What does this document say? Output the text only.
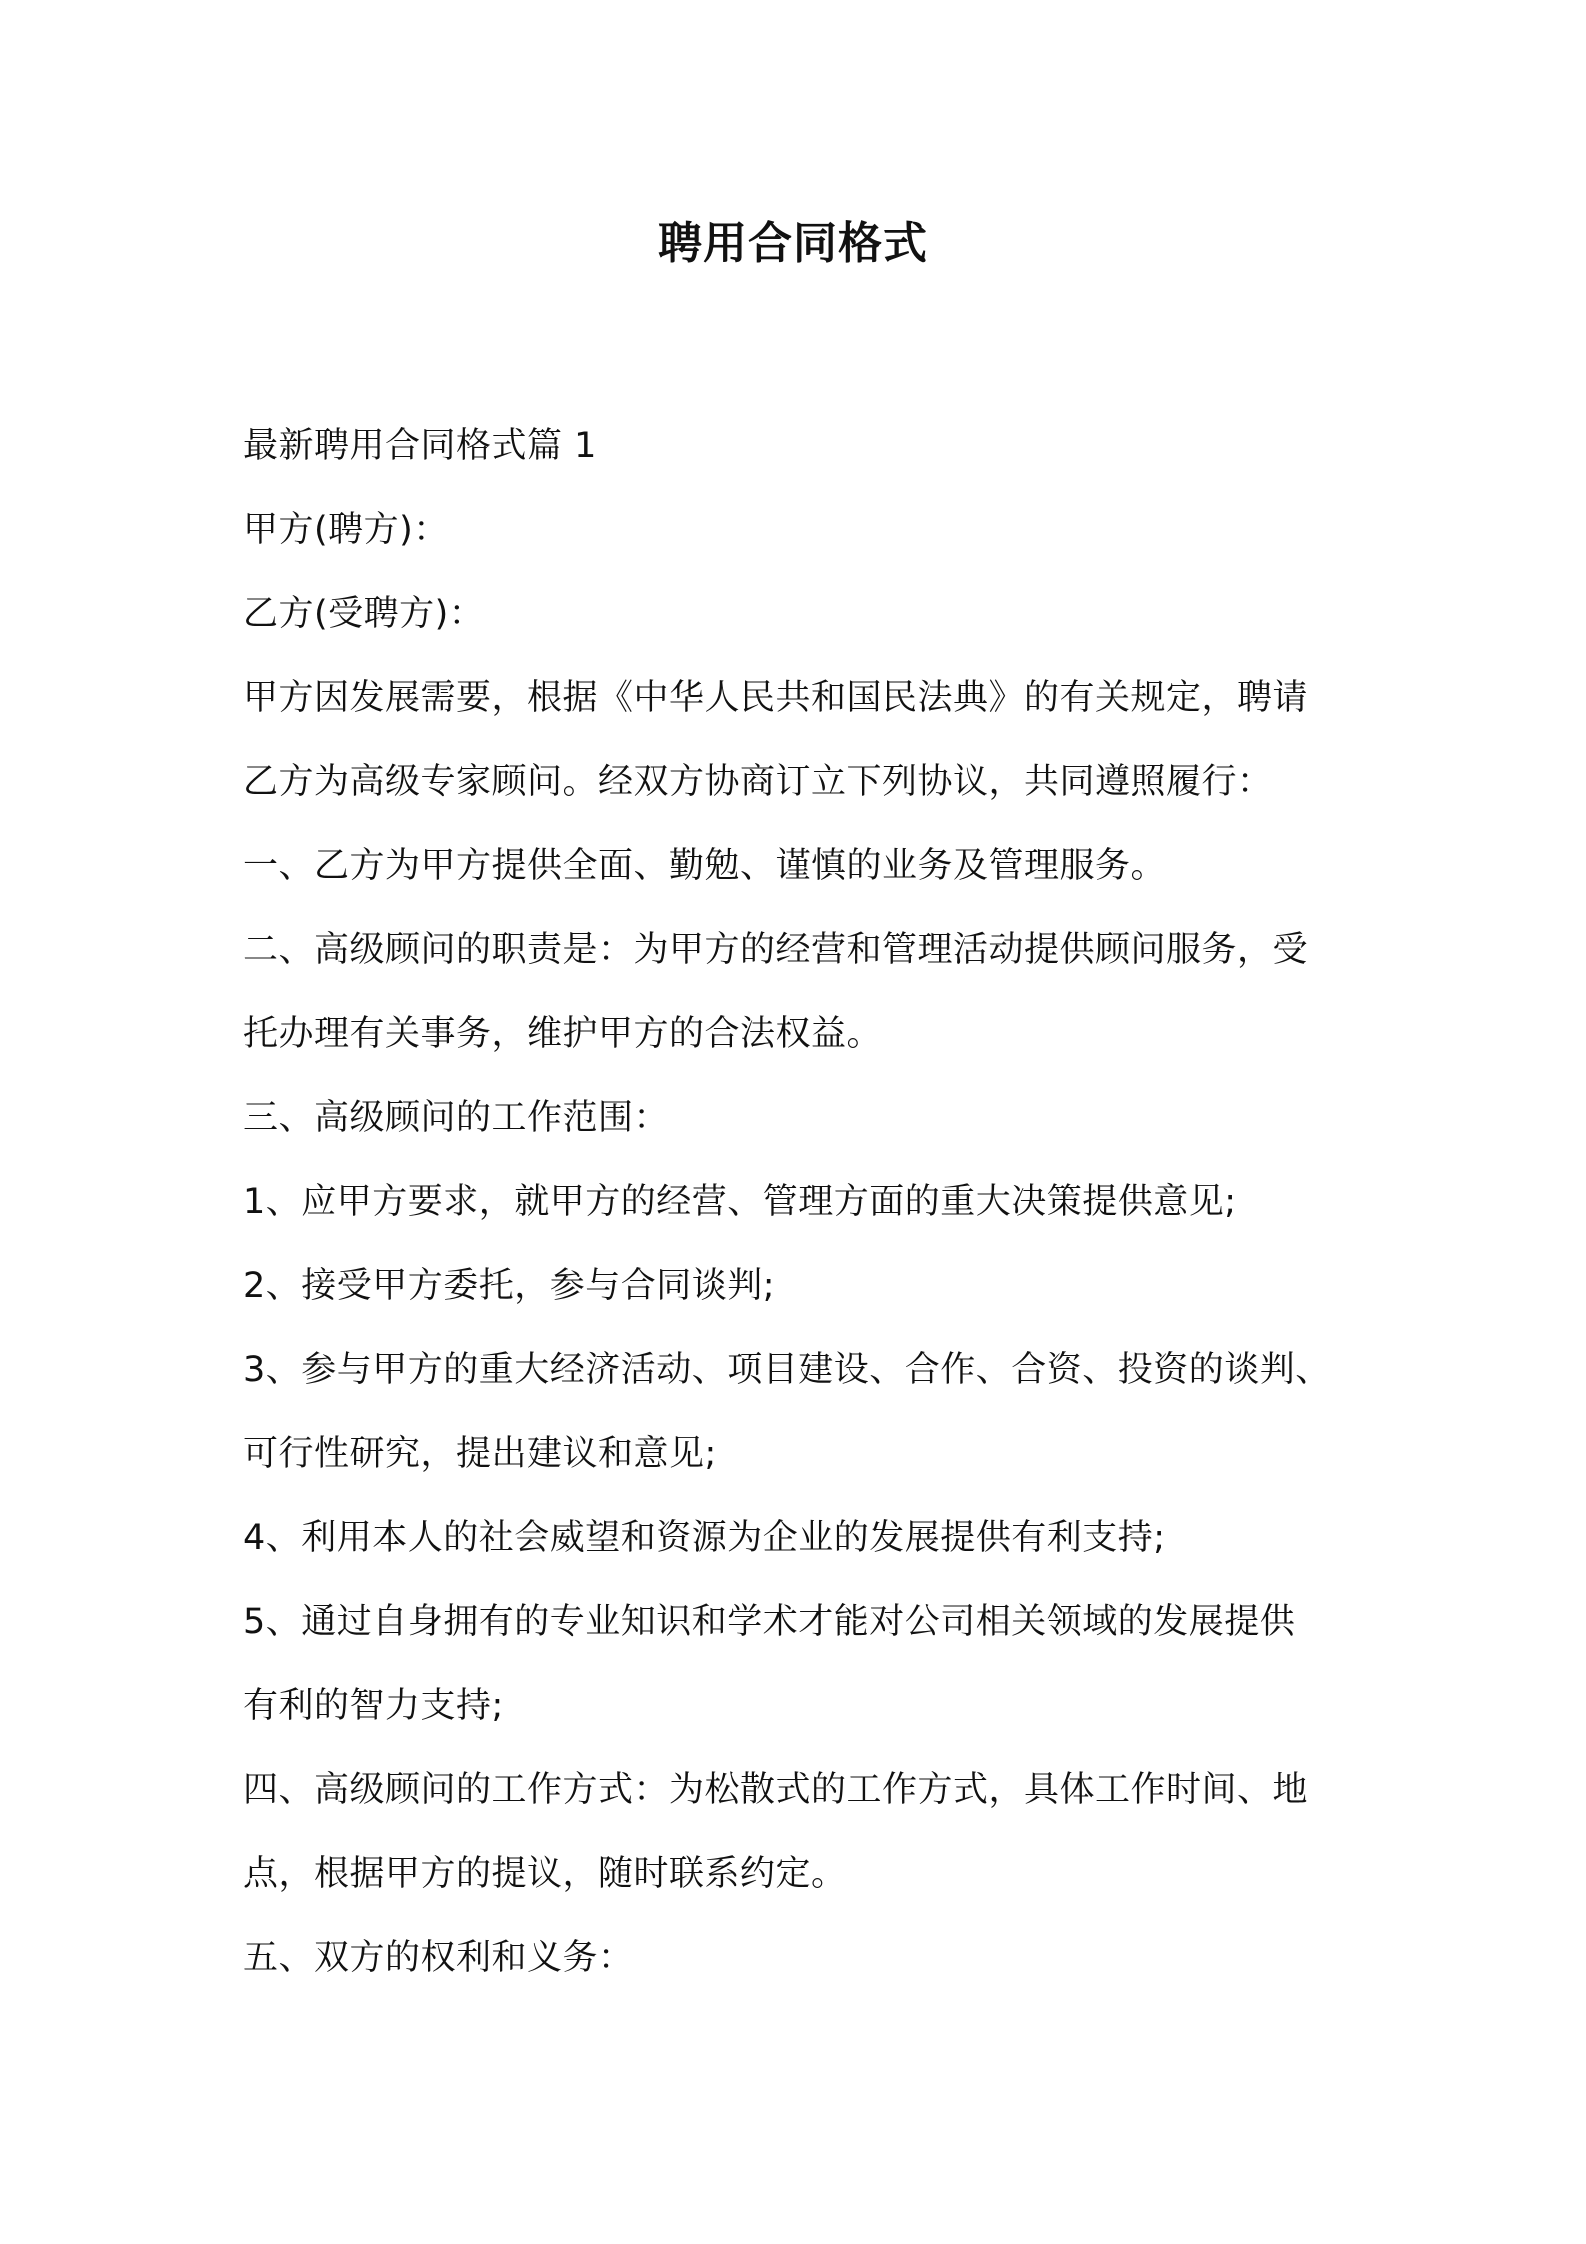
聘用合同格式
最新聘用合同格式篇 1
甲方(聘方)：
乙方(受聘方)：
甲方因发展需要，根据《中华人民共和国民法典》的有关规定，聘请
乙方为高级专家顾问。经双方协商订立下列协议，共同遵照履行：
一、乙方为甲方提供全面、勤勉、谨慎的业务及管理服务。
二、高级顾问的职责是：为甲方的经营和管理活动提供顾问服务，受
托办理有关事务，维护甲方的合法权益。
三、高级顾问的工作范围：
1、应甲方要求，就甲方的经营、管理方面的重大决策提供意见;
2、接受甲方委托，参与合同谈判;
3、参与甲方的重大经济活动、项目建设、合作、合资、投资的谈判、
可行性研究，提出建议和意见;
4、利用本人的社会威望和资源为企业的发展提供有利支持;
5、通过自身拥有的专业知识和学术才能对公司相关领域的发展提供
有利的智力支持;
四、高级顾问的工作方式：为松散式的工作方式，具体工作时间、地
点，根据甲方的提议，随时联系约定。
五、双方的权利和义务：
